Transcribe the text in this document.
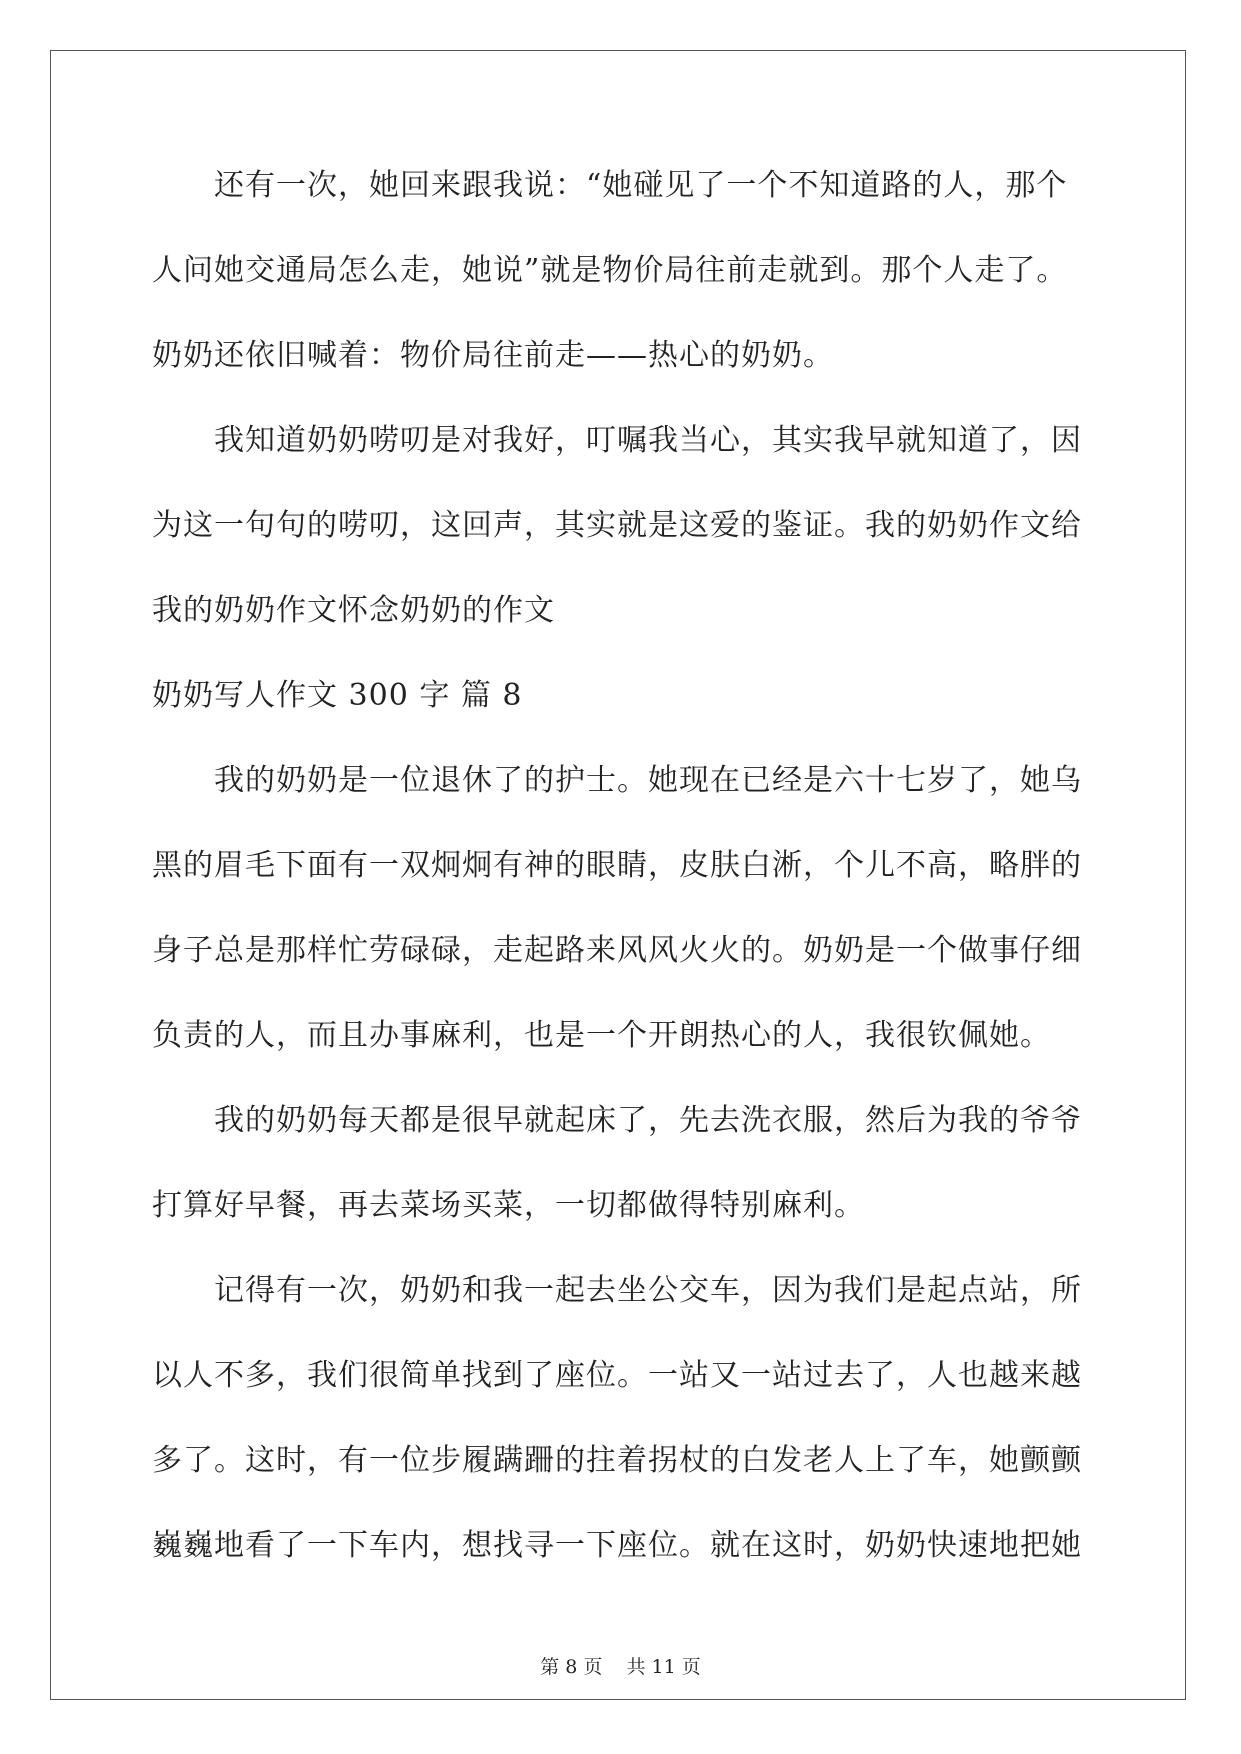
还有一次，她回来跟我说：“她碰见了一个不知道路的人，那个
人问她交通局怎么走，她说”就是物价局往前走就到。那个人走了。
奶奶还依旧喊着：物价局往前走——热心的奶奶。
我知道奶奶唠叨是对我好，叮嘱我当心，其实我早就知道了，因
为这一句句的唠叨，这回声，其实就是这爱的鉴证。我的奶奶作文给
我的奶奶作文怀念奶奶的作文
奶奶写人作文 300 字 篇 8
我的奶奶是一位退休了的护士。她现在已经是六十七岁了，她乌
黑的眉毛下面有一双炯炯有神的眼睛，皮肤白淅，个儿不高，略胖的
身子总是那样忙劳碌碌，走起路来风风火火的。奶奶是一个做事仔细
负责的人，而且办事麻利，也是一个开朗热心的人，我很钦佩她。
我的奶奶每天都是很早就起床了，先去洗衣服，然后为我的爷爷
打算好早餐，再去菜场买菜，一切都做得特别麻利。
记得有一次，奶奶和我一起去坐公交车，因为我们是起点站，所
以人不多，我们很简单找到了座位。一站又一站过去了，人也越来越
多了。这时，有一位步履蹒跚的拄着拐杖的白发老人上了车，她颤颤
巍巍地看了一下车内，想找寻一下座位。就在这时，奶奶快速地把她
第 8 页 共 11 页
